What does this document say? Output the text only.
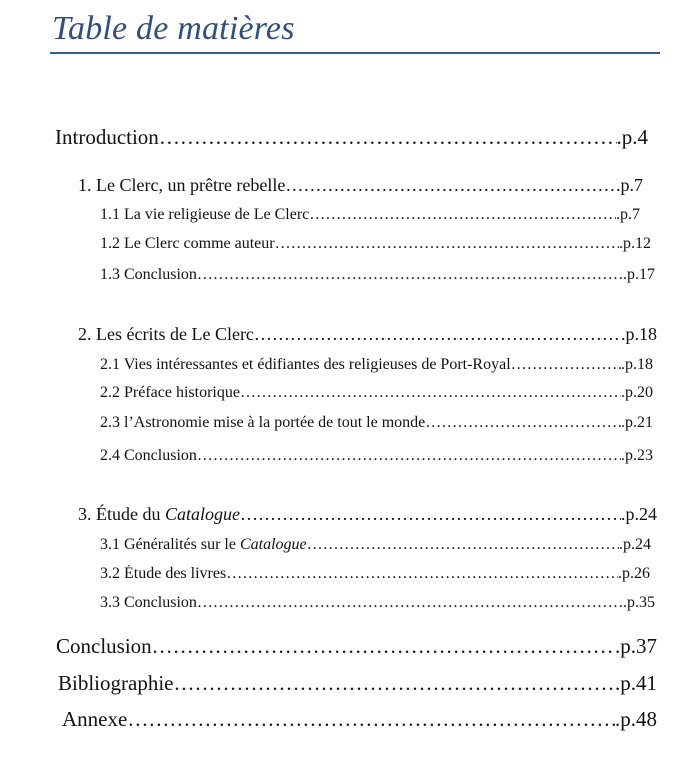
Table de matières
Introduction ……………………………………………………………………………………………………………………………………………………………………………………	.p.4
1. Le Clerc, un prêtre rebelle ……………………………………………………………………………………………………………………………………………………………………………………	.p.7
1.1 La vie religieuse de Le Clerc ……………………………………………………………………………………………………………………………………………………………………………………	.p.7
1.2 Le Clerc comme auteur ……………………………………………………………………………………………………………………………………………………………………………………	.p.12
1.3 Conclusion ……………………………………………………………………………………………………………………………………………………………………………………	.p.17
2. Les écrits de Le Clerc ……………………………………………………………………………………………………………………………………………………………………………………	.p.18
2.1 Vies intéressantes et édifiantes des religieuses de Port-Royal ……………………………………………………………………………………………………………………………………………………………………………………	.p.18
2.2 Préface historique ……………………………………………………………………………………………………………………………………………………………………………………	.p.20
2.3 l’Astronomie mise à la portée de tout le monde ……………………………………………………………………………………………………………………………………………………………………………………	.p.21
2.4 Conclusion ……………………………………………………………………………………………………………………………………………………………………………………	.p.23
3. Étude du Catalogue ……………………………………………………………………………………………………………………………………………………………………………………	.p.24
3.1 Généralités sur le Catalogue ……………………………………………………………………………………………………………………………………………………………………………………	.p.24
3.2 Étude des livres ……………………………………………………………………………………………………………………………………………………………………………………	.p.26
3.3 Conclusion ……………………………………………………………………………………………………………………………………………………………………………………	.p.35
Conclusion ……………………………………………………………………………………………………………………………………………………………………………………	.p.37
Bibliographie ……………………………………………………………………………………………………………………………………………………………………………………	.p.41
Annexe ……………………………………………………………………………………………………………………………………………………………………………………	.p.48
